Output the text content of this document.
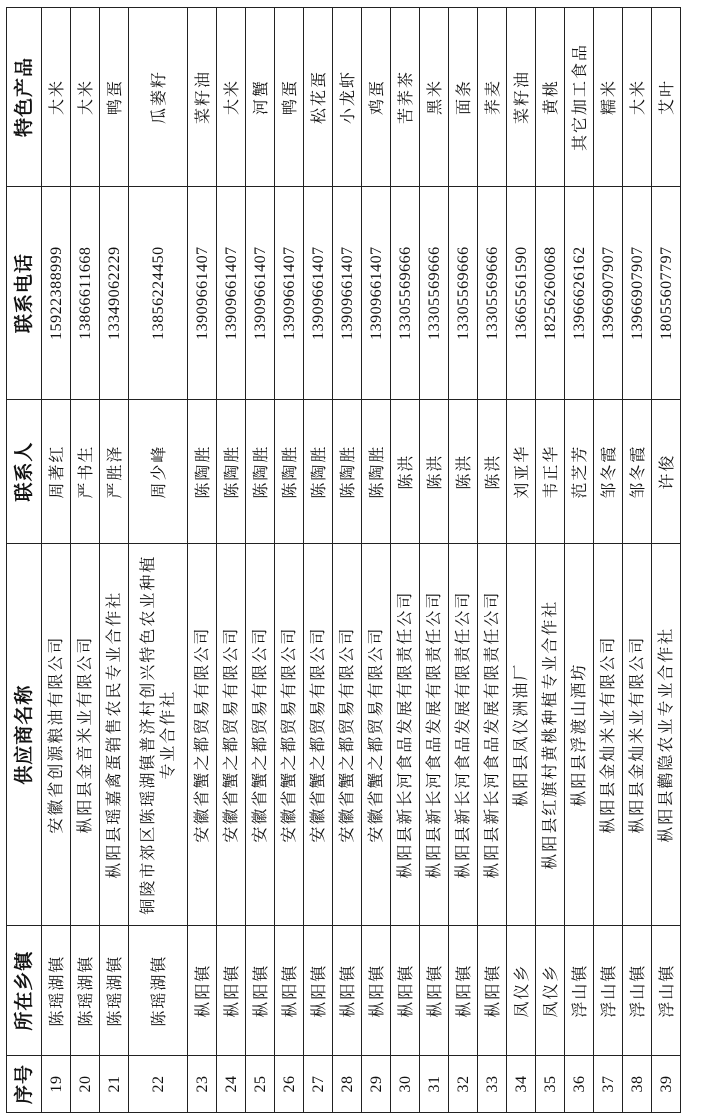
序号	所在乡镇	供应商名称	联系人	联系电话	特色产品
19	陈瑶湖镇	安徽省创源粮油有限公司	周著红	15922388999	大米
20	陈瑶湖镇	枞阳县金音米业有限公司	严书生	13866611668	大米
21	陈瑶湖镇	枞阳县瑶嘉禽蛋销售农民专业合作社	严胜泽	13349062229	鸭蛋
22	陈瑶湖镇	铜陵市郊区陈瑶湖镇普济村创兴特色农业种植专业合作社	周少峰	13856224450	瓜蒌籽
23	枞阳镇	安徽省蟹之都贸易有限公司	陈陶胜	13909661407	菜籽油
24	枞阳镇	安徽省蟹之都贸易有限公司	陈陶胜	13909661407	大米
25	枞阳镇	安徽省蟹之都贸易有限公司	陈陶胜	13909661407	河蟹
26	枞阳镇	安徽省蟹之都贸易有限公司	陈陶胜	13909661407	鸭蛋
27	枞阳镇	安徽省蟹之都贸易有限公司	陈陶胜	13909661407	松花蛋
28	枞阳镇	安徽省蟹之都贸易有限公司	陈陶胜	13909661407	小龙虾
29	枞阳镇	安徽省蟹之都贸易有限公司	陈陶胜	13909661407	鸡蛋
30	枞阳镇	枞阳县新长河食品发展有限责任公司	陈洪	13305569666	苦荞茶
31	枞阳镇	枞阳县新长河食品发展有限责任公司	陈洪	13305569666	黑米
32	枞阳镇	枞阳县新长河食品发展有限责任公司	陈洪	13305569666	面条
33	枞阳镇	枞阳县新长河食品发展有限责任公司	陈洪	13305569666	荞麦
34	凤仪乡	枞阳县凤仪洲油厂	刘亚华	13665561590	菜籽油
35	凤仪乡	枞阳县红旗村黄桃种植专业合作社	韦正华	18256260068	黄桃
36	浮山镇	枞阳县浮渡山酒坊	范芝芳	13966626162	其它加工食品
37	浮山镇	枞阳县金灿米业有限公司	邹冬霞	13966907907	糯米
38	浮山镇	枞阳县金灿米业有限公司	邹冬霞	13966907907	大米
39	浮山镇	枞阳县鹳隐农业专业合作社	许俊	18055607797	艾叶
